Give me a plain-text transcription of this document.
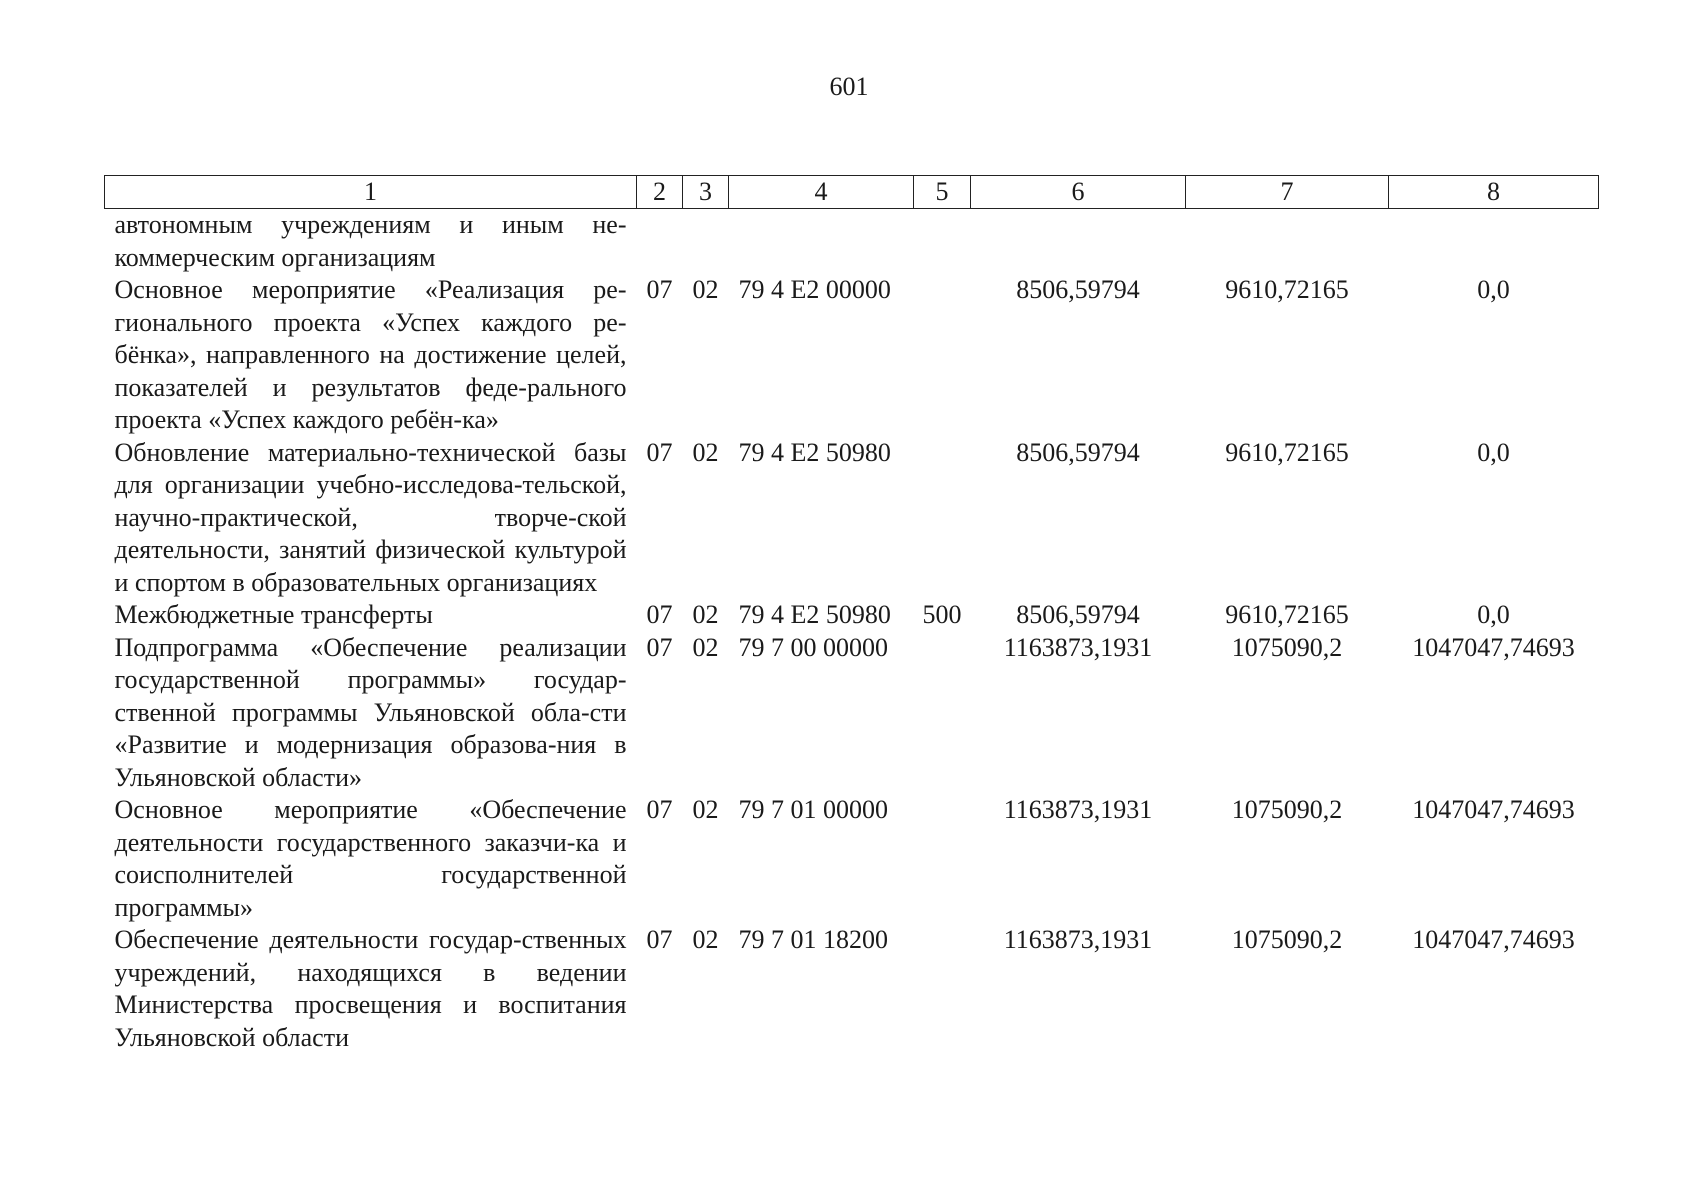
601
1	2	3	4	5	6	7	8
автономным учреждениям и иным не-коммерческим организациям							
Основное мероприятие «Реализация ре-гионального проекта «Успех каждого ре-бёнка», направленного на достижение целей, показателей и результатов феде-рального проекта «Успех каждого ребён-ка»	07	02	79 4 E2 00000		8506,59794	9610,72165	0,0
Обновление материально-технической базы для организации учебно-исследова-тельской, научно-практической, творче-ской деятельности, занятий физической культурой и спортом в образовательных организациях	07	02	79 4 E2 50980		8506,59794	9610,72165	0,0
Межбюджетные трансферты	07	02	79 4 E2 50980	500	8506,59794	9610,72165	0,0
Подпрограмма «Обеспечение реализации государственной программы» государ-ственной программы Ульяновской обла-сти «Развитие и модернизация образова-ния в Ульяновской области»	07	02	79 7 00 00000		1163873,1931	1075090,2	1047047,74693
Основное мероприятие «Обеспечение деятельности государственного заказчи-ка и соисполнителей государственной программы»	07	02	79 7 01 00000		1163873,1931	1075090,2	1047047,74693
Обеспечение деятельности государ-ственных учреждений, находящихся в ведении Министерства просвещения и воспитания Ульяновской области	07	02	79 7 01 18200		1163873,1931	1075090,2	1047047,74693
